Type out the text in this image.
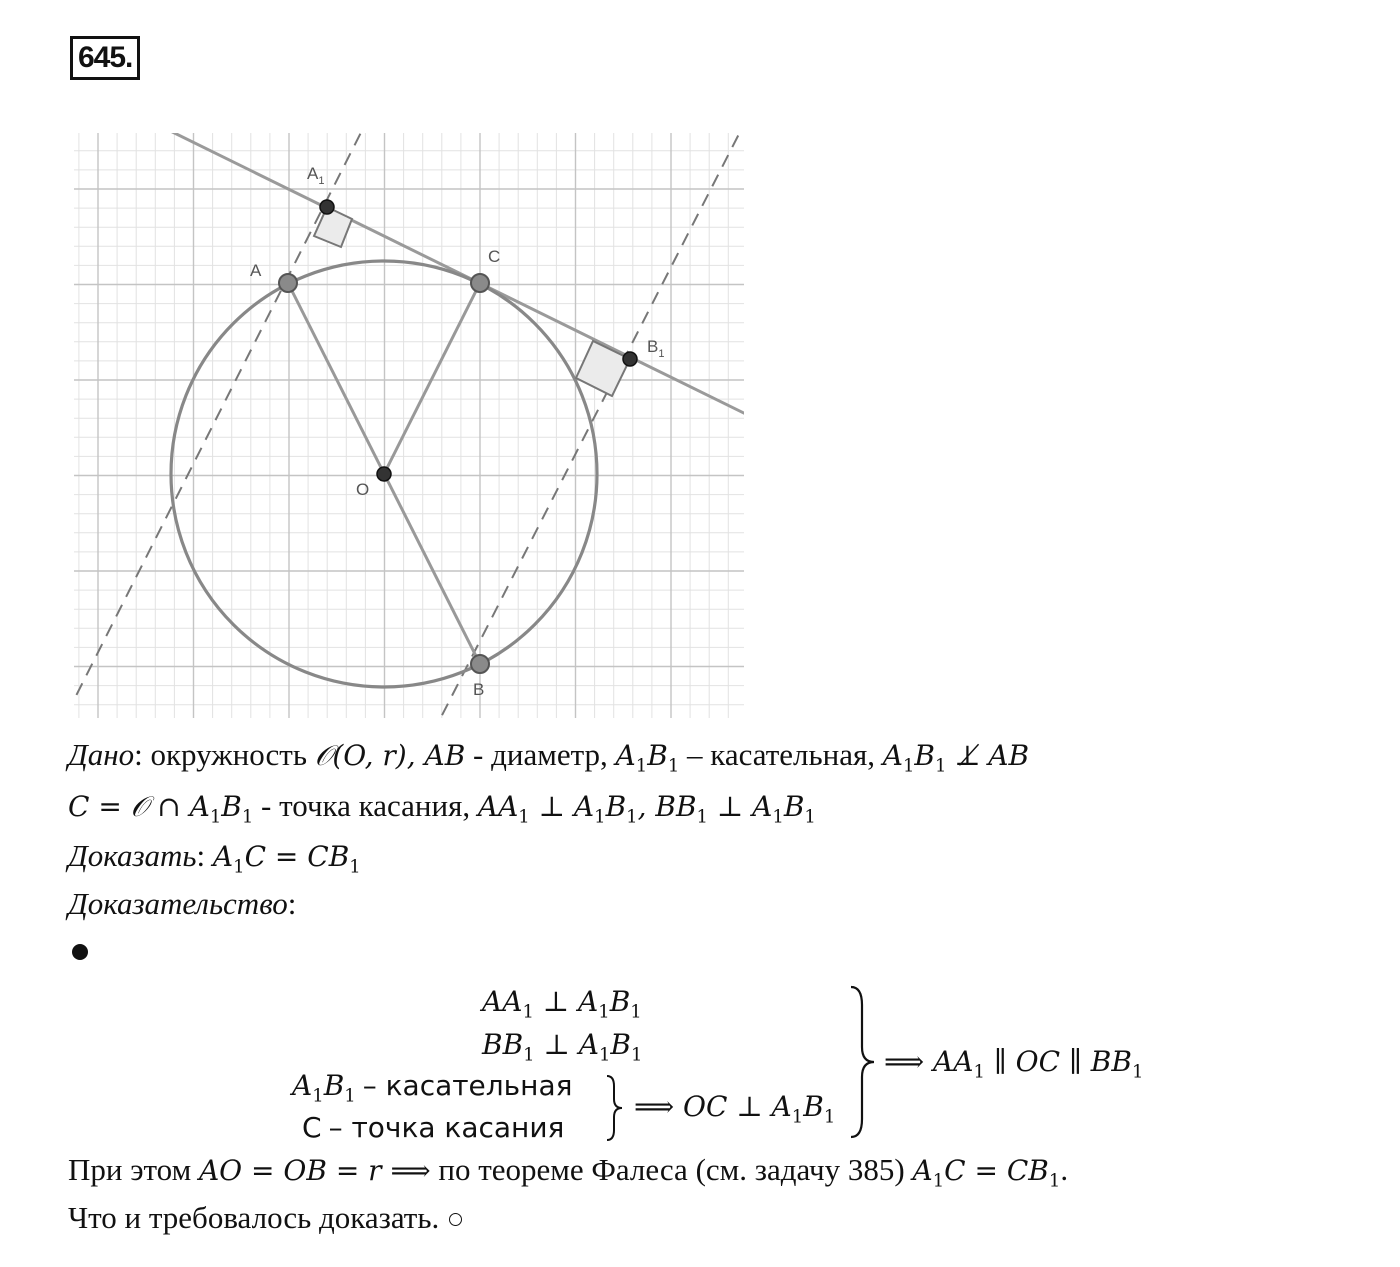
645.
A
$A_1$
C
$B_1$
O
B
Дано: окружность 𝒪(O, r), AB - диаметр, $A_1B_1$ – касательная, $A_1B_1$ ⊥̸ AB
C = 𝒪 ∩ $A_1B_1$ - точка касания, $AA_1$ ⊥ $A_1B_1$, $BB_1$ ⊥ $A_1B_1$
Доказать: $A_1C = CB_1$
Доказательство:
$AA_1$ ⊥ $A_1B_1$
$BB_1$ ⊥ $A_1B_1$
$A_1B_1$ – касательная
C – точка касания
⟹ OC ⊥ $A_1B_1$
⟹ $AA_1$ ∥ OC ∥ $BB_1$
При этом AO = OB = r ⟹ по теореме Фалеса (см. задачу 385) $A_1C = CB_1$.
Что и требовалось доказать.
